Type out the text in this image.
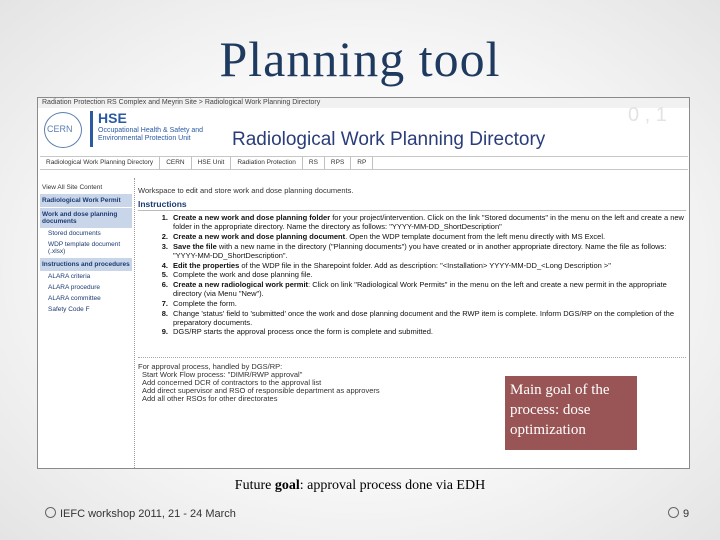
Planning tool
Radiation Protection RS Complex and Meyrin Site > Radiological Work Planning Directory
CERN
HSE
Occupational Health & Safety and Environmental Protection Unit	Radiological Work Planning Directory
0 , 1
Radiological Work Planning Directory	CERN	HSE Unit	Radiation Protection	RS	RPS	RP
View All Site Content
Radiological Work Permit
Work and dose planning documents
Stored documents
WDP template document (.xlsx)
Instructions and procedures
ALARA criteria
ALARA procedure
ALARA committee
Safety Code F
Workspace to edit and store work and dose planning documents.
Instructions
1. Create a new work and dose planning folder for your project/intervention. Click on the link "Stored documents" in the menu on the left and create a new folder in the appropriate directory. Name the directory as follows: "YYYY-MM-DD_ShortDescription"
2. Create a new work and dose planning document. Open the WDP template document from the left menu directly with MS Excel.
3. Save the file with a new name in the directory ("Planning documents") you have created or in another appropriate directory. Name the file as follows: "YYYY-MM-DD_ShortDescription".
4. Edit the properties of the WDP file in the Sharepoint folder. Add as description: "<Installation> YYYY-MM-DD_<Long Description >"
5. Complete the work and dose planning file.
6. Create a new radiological work permit: Click on link "Radiological Work Permits" in the menu on the left and create a new permit in the appropriate directory (via Menu "New").
7. Complete the form.
8. Change 'status' field to 'submitted' once the work and dose planning document and the RWP item is complete. Inform DGS/RP on the completion of the preparatory documents.
9. DGS/RP starts the approval process once the form is complete and submitted.
For approval process, handled by DGS/RP:
Start Work Flow process: "DIMR/RWP approval"
Add concerned DCR of contractors to the approval list
Add direct supervisor and RSO of responsible department as approvers
Add all other RSOs for other directorates
Main goal of the process: dose optimization
Future goal: approval process done via EDH
IEFC workshop 2011, 21 - 24 March	9
